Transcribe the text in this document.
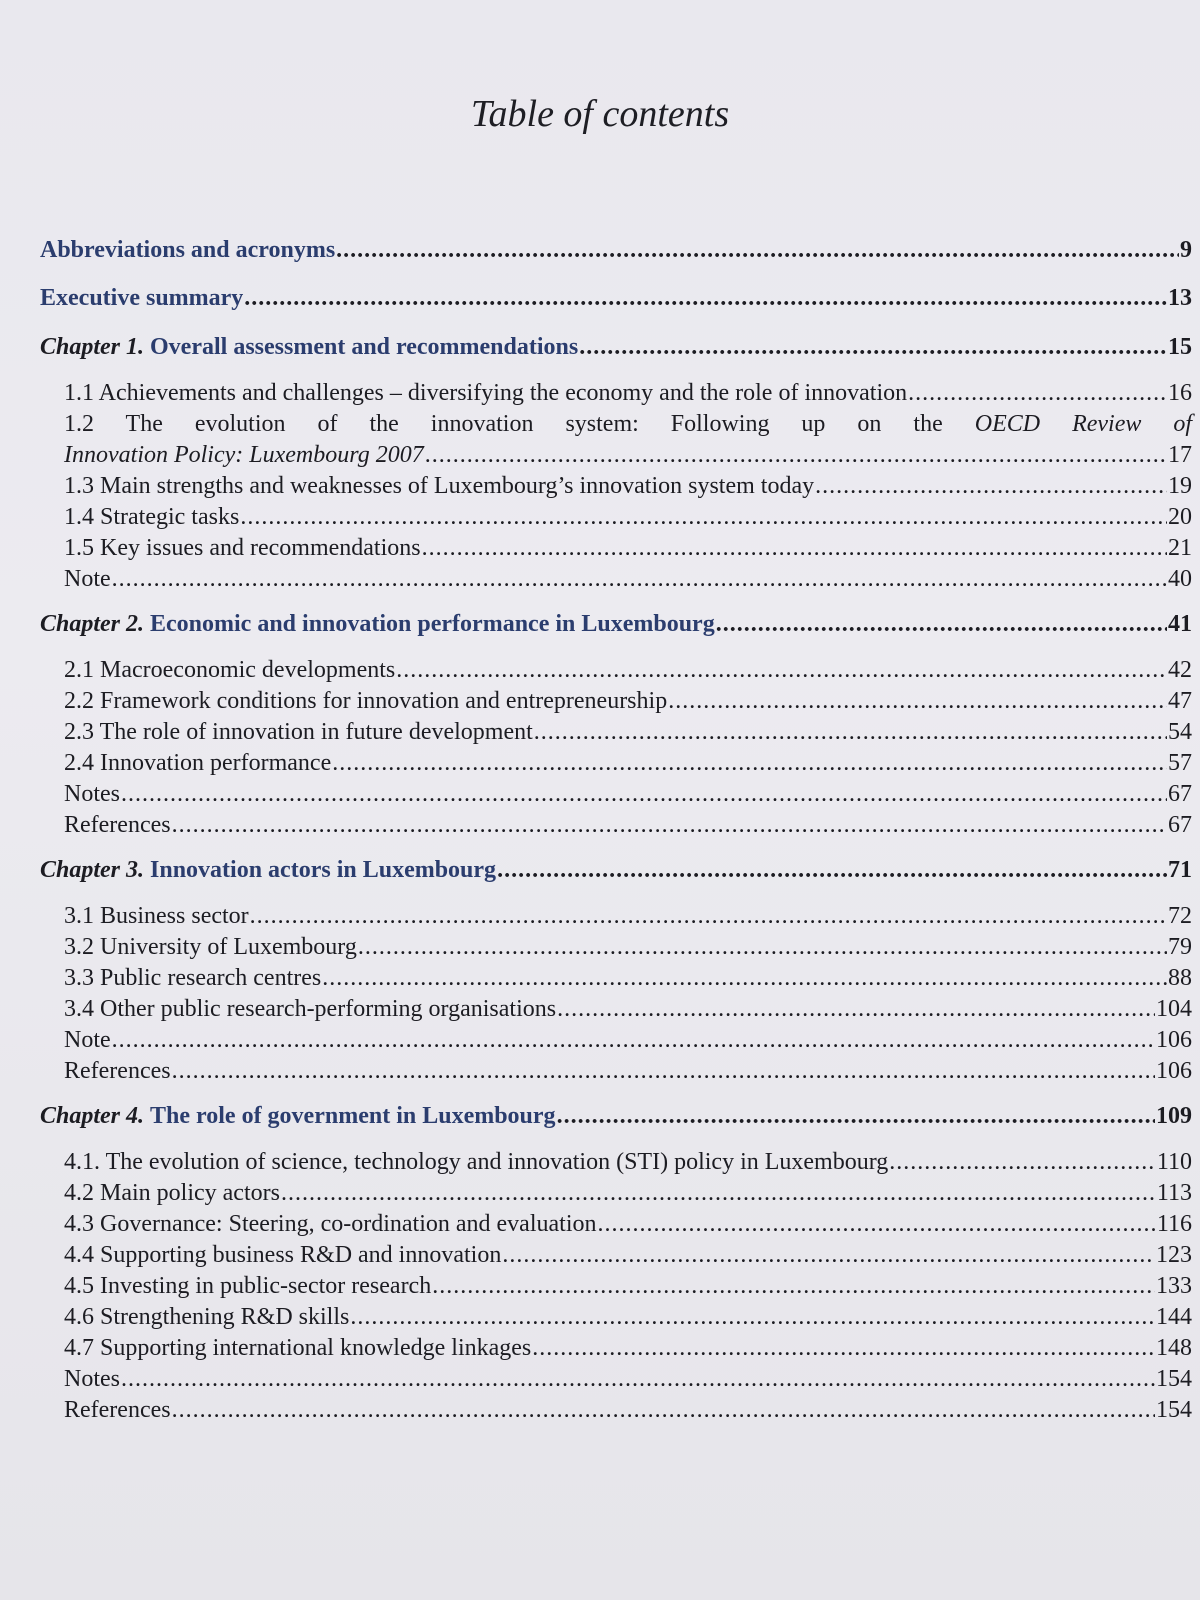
Table of contents
Abbreviations and acronyms .....	9
Executive summary .....	13
Chapter 1. Overall assessment and recommendations .....	15
1.1 Achievements and challenges – diversifying the economy and the role of innovation .....	16
1.2 The evolution of the innovation system: Following up on the OECD Review of
Innovation Policy: Luxembourg 2007 .....	17
1.3 Main strengths and weaknesses of Luxembourg’s innovation system today .....	19
1.4 Strategic tasks .....	20
1.5 Key issues and recommendations .....	21
Note .....	40
Chapter 2. Economic and innovation performance in Luxembourg .....	41
2.1 Macroeconomic developments .....	42
2.2 Framework conditions for innovation and entrepreneurship .....	47
2.3 The role of innovation in future development .....	54
2.4 Innovation performance .....	57
Notes .....	67
References .....	67
Chapter 3. Innovation actors in Luxembourg .....	71
3.1 Business sector .....	72
3.2 University of Luxembourg .....	79
3.3 Public research centres .....	88
3.4 Other public research-performing organisations .....	104
Note .....	106
References .....	106
Chapter 4. The role of government in Luxembourg .....	109
4.1. The evolution of science, technology and innovation (STI) policy in Luxembourg .....	110
4.2 Main policy actors .....	113
4.3 Governance: Steering, co-ordination and evaluation .....	116
4.4 Supporting business R&D and innovation .....	123
4.5 Investing in public-sector research .....	133
4.6 Strengthening R&D skills .....	144
4.7 Supporting international knowledge linkages .....	148
Notes .....	154
References .....	154
